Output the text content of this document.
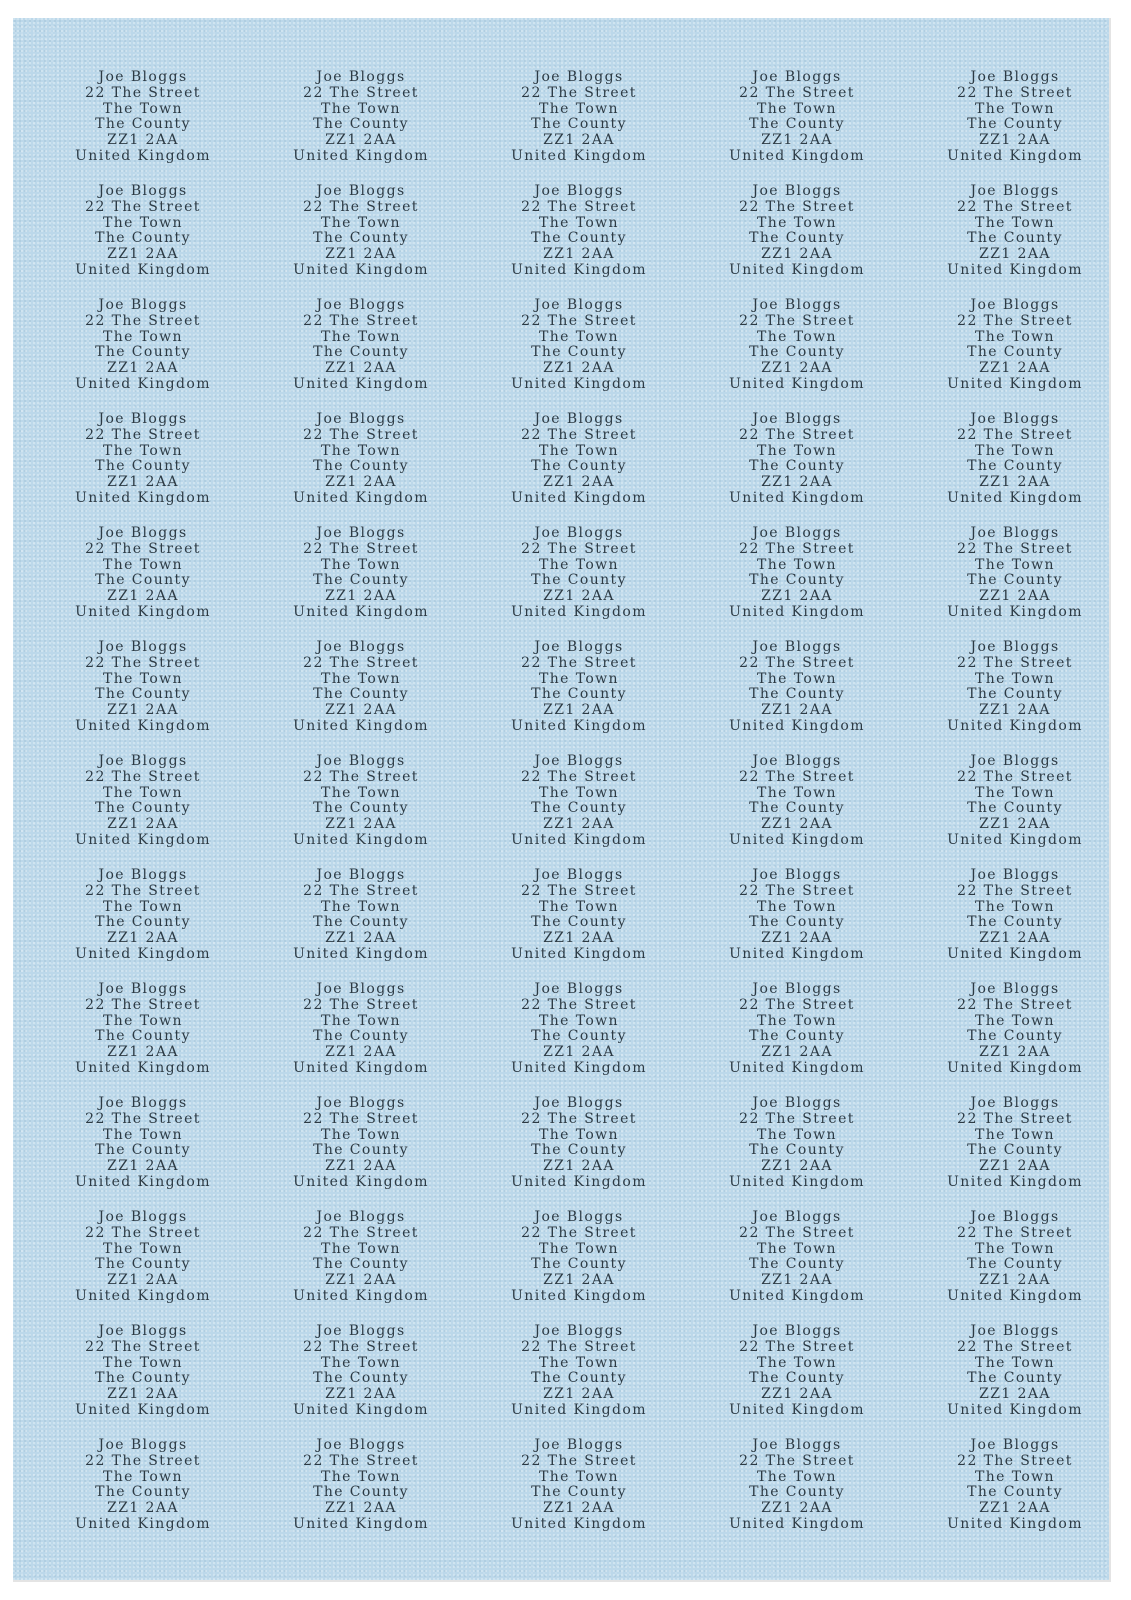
Joe Bloggs
22 The Street
The Town
The County
ZZ1 2AA
United Kingdom
Joe Bloggs
22 The Street
The Town
The County
ZZ1 2AA
United Kingdom
Joe Bloggs
22 The Street
The Town
The County
ZZ1 2AA
United Kingdom
Joe Bloggs
22 The Street
The Town
The County
ZZ1 2AA
United Kingdom
Joe Bloggs
22 The Street
The Town
The County
ZZ1 2AA
United Kingdom
Joe Bloggs
22 The Street
The Town
The County
ZZ1 2AA
United Kingdom
Joe Bloggs
22 The Street
The Town
The County
ZZ1 2AA
United Kingdom
Joe Bloggs
22 The Street
The Town
The County
ZZ1 2AA
United Kingdom
Joe Bloggs
22 The Street
The Town
The County
ZZ1 2AA
United Kingdom
Joe Bloggs
22 The Street
The Town
The County
ZZ1 2AA
United Kingdom
Joe Bloggs
22 The Street
The Town
The County
ZZ1 2AA
United Kingdom
Joe Bloggs
22 The Street
The Town
The County
ZZ1 2AA
United Kingdom
Joe Bloggs
22 The Street
The Town
The County
ZZ1 2AA
United Kingdom
Joe Bloggs
22 The Street
The Town
The County
ZZ1 2AA
United Kingdom
Joe Bloggs
22 The Street
The Town
The County
ZZ1 2AA
United Kingdom
Joe Bloggs
22 The Street
The Town
The County
ZZ1 2AA
United Kingdom
Joe Bloggs
22 The Street
The Town
The County
ZZ1 2AA
United Kingdom
Joe Bloggs
22 The Street
The Town
The County
ZZ1 2AA
United Kingdom
Joe Bloggs
22 The Street
The Town
The County
ZZ1 2AA
United Kingdom
Joe Bloggs
22 The Street
The Town
The County
ZZ1 2AA
United Kingdom
Joe Bloggs
22 The Street
The Town
The County
ZZ1 2AA
United Kingdom
Joe Bloggs
22 The Street
The Town
The County
ZZ1 2AA
United Kingdom
Joe Bloggs
22 The Street
The Town
The County
ZZ1 2AA
United Kingdom
Joe Bloggs
22 The Street
The Town
The County
ZZ1 2AA
United Kingdom
Joe Bloggs
22 The Street
The Town
The County
ZZ1 2AA
United Kingdom
Joe Bloggs
22 The Street
The Town
The County
ZZ1 2AA
United Kingdom
Joe Bloggs
22 The Street
The Town
The County
ZZ1 2AA
United Kingdom
Joe Bloggs
22 The Street
The Town
The County
ZZ1 2AA
United Kingdom
Joe Bloggs
22 The Street
The Town
The County
ZZ1 2AA
United Kingdom
Joe Bloggs
22 The Street
The Town
The County
ZZ1 2AA
United Kingdom
Joe Bloggs
22 The Street
The Town
The County
ZZ1 2AA
United Kingdom
Joe Bloggs
22 The Street
The Town
The County
ZZ1 2AA
United Kingdom
Joe Bloggs
22 The Street
The Town
The County
ZZ1 2AA
United Kingdom
Joe Bloggs
22 The Street
The Town
The County
ZZ1 2AA
United Kingdom
Joe Bloggs
22 The Street
The Town
The County
ZZ1 2AA
United Kingdom
Joe Bloggs
22 The Street
The Town
The County
ZZ1 2AA
United Kingdom
Joe Bloggs
22 The Street
The Town
The County
ZZ1 2AA
United Kingdom
Joe Bloggs
22 The Street
The Town
The County
ZZ1 2AA
United Kingdom
Joe Bloggs
22 The Street
The Town
The County
ZZ1 2AA
United Kingdom
Joe Bloggs
22 The Street
The Town
The County
ZZ1 2AA
United Kingdom
Joe Bloggs
22 The Street
The Town
The County
ZZ1 2AA
United Kingdom
Joe Bloggs
22 The Street
The Town
The County
ZZ1 2AA
United Kingdom
Joe Bloggs
22 The Street
The Town
The County
ZZ1 2AA
United Kingdom
Joe Bloggs
22 The Street
The Town
The County
ZZ1 2AA
United Kingdom
Joe Bloggs
22 The Street
The Town
The County
ZZ1 2AA
United Kingdom
Joe Bloggs
22 The Street
The Town
The County
ZZ1 2AA
United Kingdom
Joe Bloggs
22 The Street
The Town
The County
ZZ1 2AA
United Kingdom
Joe Bloggs
22 The Street
The Town
The County
ZZ1 2AA
United Kingdom
Joe Bloggs
22 The Street
The Town
The County
ZZ1 2AA
United Kingdom
Joe Bloggs
22 The Street
The Town
The County
ZZ1 2AA
United Kingdom
Joe Bloggs
22 The Street
The Town
The County
ZZ1 2AA
United Kingdom
Joe Bloggs
22 The Street
The Town
The County
ZZ1 2AA
United Kingdom
Joe Bloggs
22 The Street
The Town
The County
ZZ1 2AA
United Kingdom
Joe Bloggs
22 The Street
The Town
The County
ZZ1 2AA
United Kingdom
Joe Bloggs
22 The Street
The Town
The County
ZZ1 2AA
United Kingdom
Joe Bloggs
22 The Street
The Town
The County
ZZ1 2AA
United Kingdom
Joe Bloggs
22 The Street
The Town
The County
ZZ1 2AA
United Kingdom
Joe Bloggs
22 The Street
The Town
The County
ZZ1 2AA
United Kingdom
Joe Bloggs
22 The Street
The Town
The County
ZZ1 2AA
United Kingdom
Joe Bloggs
22 The Street
The Town
The County
ZZ1 2AA
United Kingdom
Joe Bloggs
22 The Street
The Town
The County
ZZ1 2AA
United Kingdom
Joe Bloggs
22 The Street
The Town
The County
ZZ1 2AA
United Kingdom
Joe Bloggs
22 The Street
The Town
The County
ZZ1 2AA
United Kingdom
Joe Bloggs
22 The Street
The Town
The County
ZZ1 2AA
United Kingdom
Joe Bloggs
22 The Street
The Town
The County
ZZ1 2AA
United Kingdom
